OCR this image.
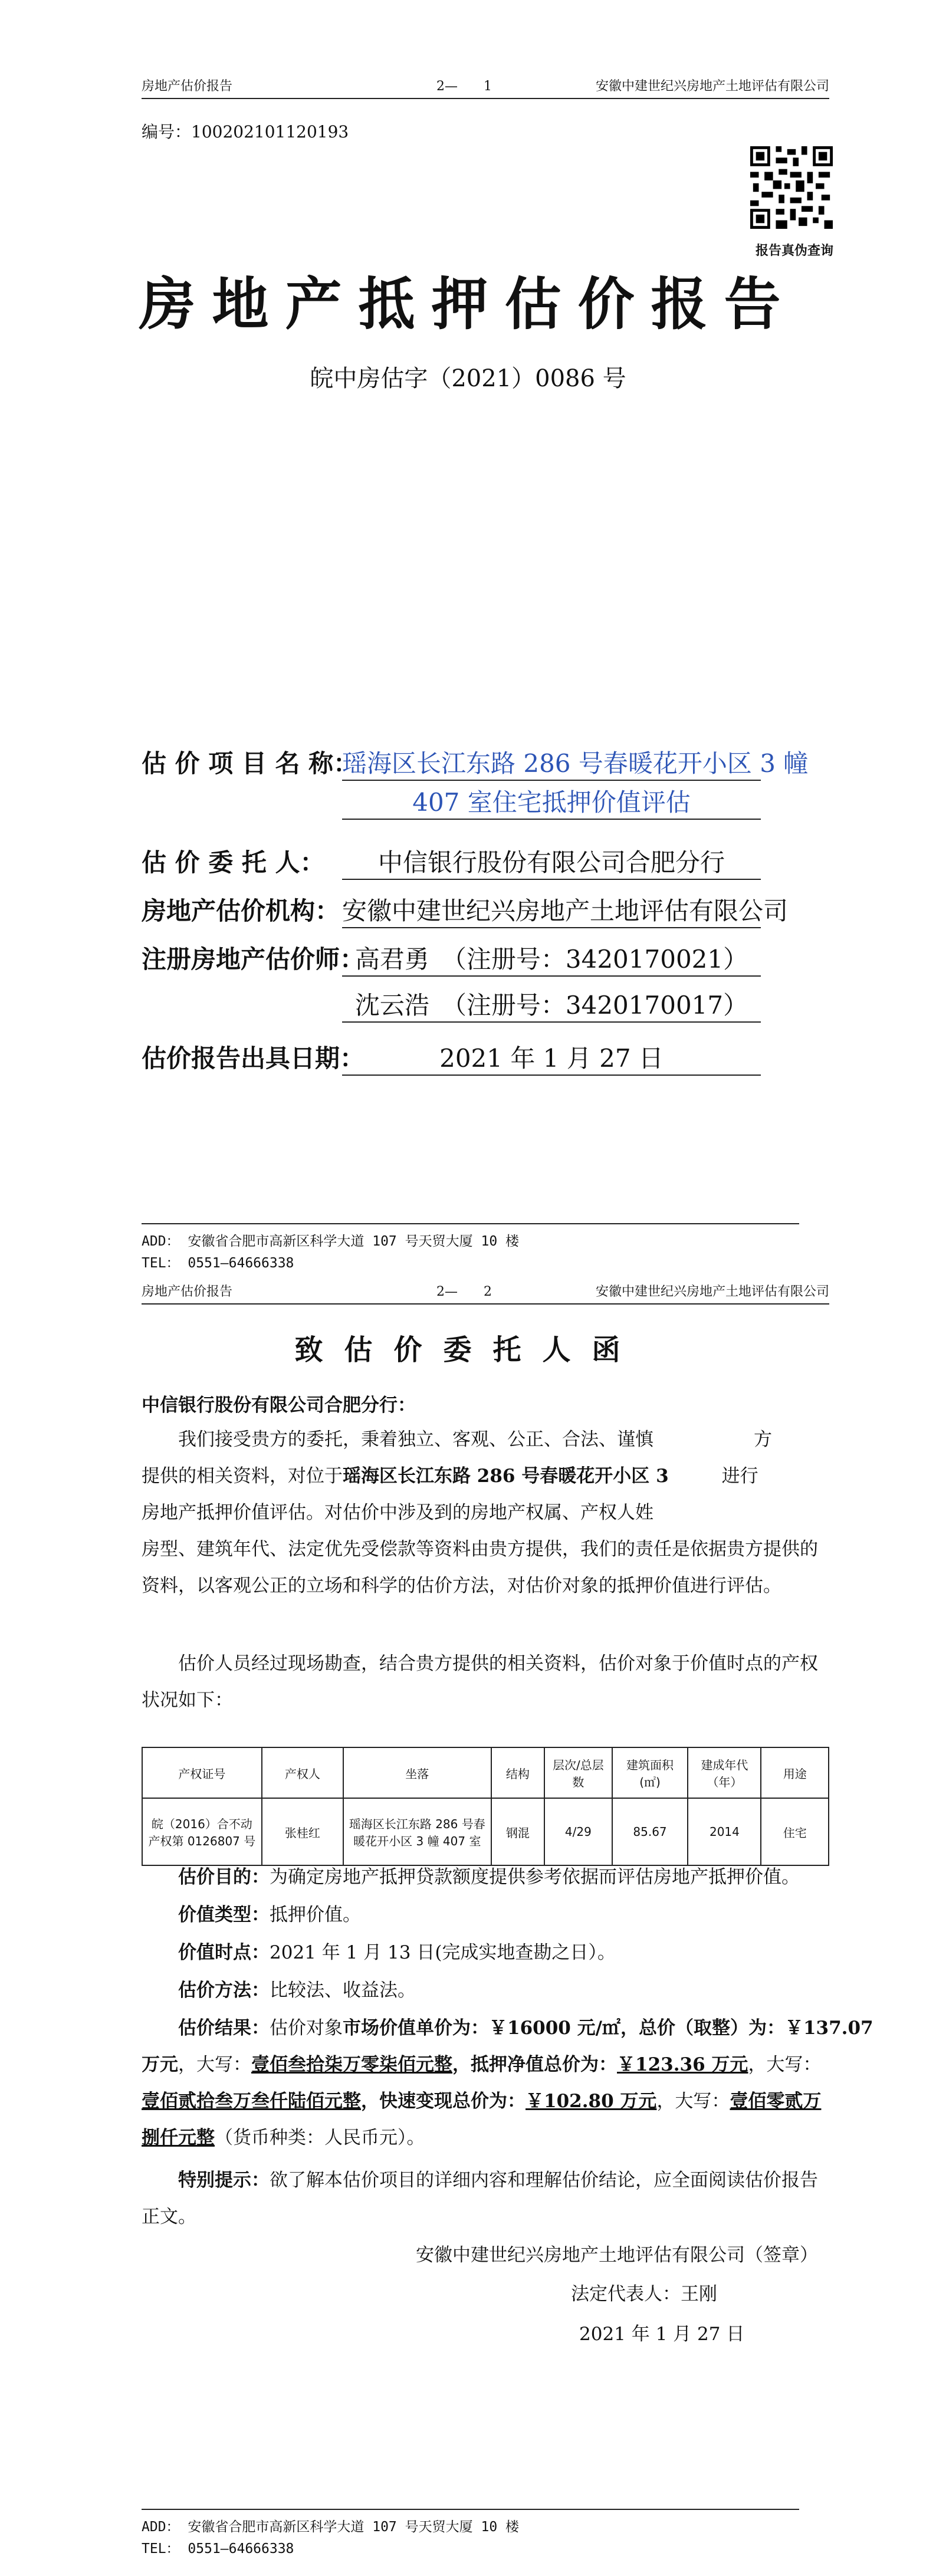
房地产估价报告	2—　　1	安徽中建世纪兴房地产土地评估有限公司
编号：100202101120193
报告真伪查询
房地产抵押估价报告
皖中房估字（2021）0086 号
估 价 项 目 名 称：
瑶海区长江东路 286 号春暖花开小区 3 幢
407 室住宅抵押价值评估
估 价 委 托 人：	中信银行股份有限公司合肥分行
房地产估价机构： 安徽中建世纪兴房地产土地评估有限公司
注册房地产估价师：
高君勇　（注册号：3420170021）
沈云浩　（注册号：3420170017）
估价报告出具日期：	2021 年 1 月 27 日
ADD： 安徽省合肥市高新区科学大道 107 号天贸大厦 10 楼
TEL： 0551—64666338
房地产估价报告	2—　　2	安徽中建世纪兴房地产土地评估有限公司
致估价委托人函
中信银行股份有限公司合肥分行：
我们接受贵方的委托，秉着独立、客观、公正、合法、谨慎	方
提供的相关资料，对位于瑶海区长江东路 286 号春暖花开小区 3	进行
房地产抵押价值评估。对估价中涉及到的房地产权属、产权人姓
房型、建筑年代、法定优先受偿款等资料由贵方提供，我们的责任是依据贵方提供的
资料，以客观公正的立场和科学的估价方法，对估价对象的抵押价值进行评估。
估价人员经过现场勘查，结合贵方提供的相关资料，估价对象于价值时点的产权
状况如下：
产权证号	产权人	坐落	结构	层次/总层数	建筑面积(㎡)	建成年代（年）	用途
皖（2016）合不动产权第 0126807 号	张桂红	瑶海区长江东路 286 号春暖花开小区 3 幢 407 室	钢混	4/29	85.67	2014	住宅
估价目的：为确定房地产抵押贷款额度提供参考依据而评估房地产抵押价值。
价值类型：抵押价值。
价值时点：2021 年 1 月 13 日(完成实地查勘之日）。
估价方法：比较法、收益法。
估价结果：估价对象市场价值单价为：￥16000 元/㎡，总价（取整）为：￥137.07
万元，大写：壹佰叁拾柒万零柒佰元整，抵押净值总价为：￥123.36 万元，大写：
壹佰贰拾叁万叁仟陆佰元整，快速变现总价为：￥102.80 万元，大写：壹佰零贰万
捌仟元整（货币种类：人民币元）。
特别提示：欲了解本估价项目的详细内容和理解估价结论，应全面阅读估价报告
正文。
安徽中建世纪兴房地产土地评估有限公司（签章）
法定代表人：王刚
2021 年 1 月 27 日
ADD： 安徽省合肥市高新区科学大道 107 号天贸大厦 10 楼
TEL： 0551—64666338
